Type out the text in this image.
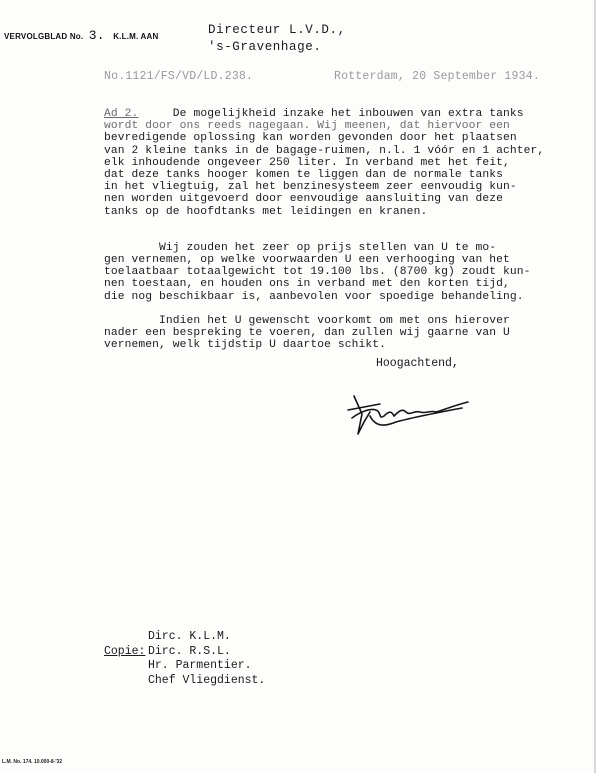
VERVOLGBLAD No. 3. K.L.M. AAN	Directeur L.V.D.,
's-Gravenhage.
No.1121/FS/VD/LD.238.	Rotterdam, 20 September 1934.

Ad 2.     De mogelijkheid inzake het inbouwen van extra tanks

wordt door ons reeds nagegaan. Wij meenen, dat hiervoor een

bevredigende oplossing kan worden gevonden door het plaatsen

van 2 kleine tanks in de bagage-ruimen, n.l. 1 vóór en 1 achter,

elk inhoudende ongeveer 250 liter. In verband met het feit,

dat deze tanks hooger komen te liggen dan de normale tanks

in het vliegtuig, zal het benzinesysteem zeer eenvoudig kun-

nen worden uitgevoerd door eenvoudige aansluiting van deze

tanks op de hoofdtanks met leidingen en kranen.

Wij zouden het zeer op prijs stellen van U te mo-

gen vernemen, op welke voorwaarden U een verhooging van het

toelaatbaar totaalgewicht tot 19.100 lbs. (8700 kg) zoudt kun-

nen toestaan, en houden ons in verband met den korten tijd,

die nog beschikbaar is, aanbevolen voor spoedige behandeling.

Indien het U gewenscht voorkomt om met ons hierover

nader een bespreking te voeren, dan zullen wij gaarne van U

vernemen, welk tijdstip U daartoe schikt.

Hoogachtend,
Dirc. K.L.M.
Copie: Dirc. R.S.L.
Hr. Parmentier.
Chef Vliegdienst.
L.M. No. 174. 10.000-8-'32
